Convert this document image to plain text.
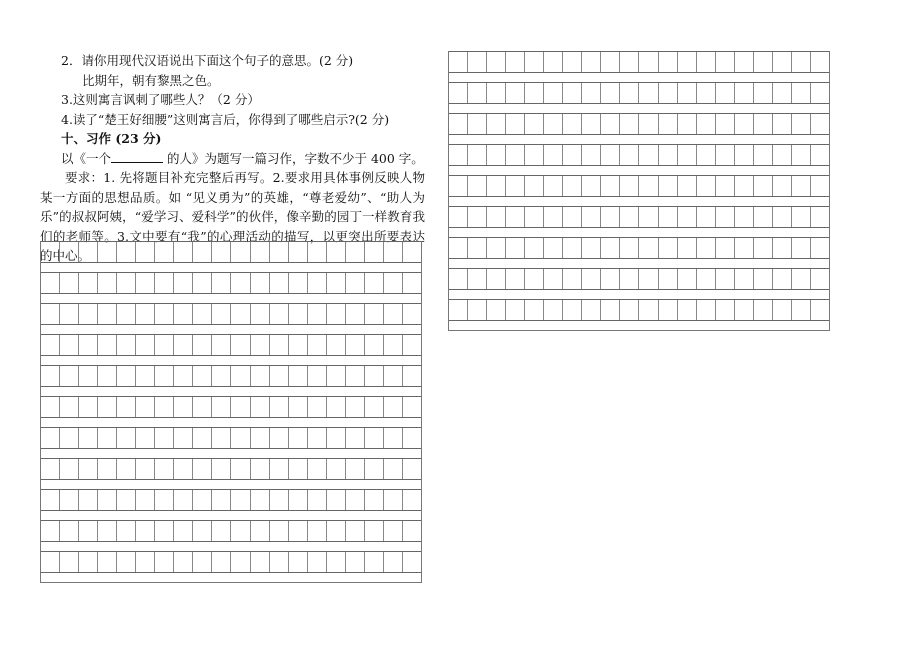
2．请你用现代汉语说出下面这个句子的意思。(2 分)

比期年，朝有黎黑之色。

3.这则寓言讽刺了哪些人？（2 分）

4.读了“楚王好细腰”这则寓言后，你得到了哪些启示?(2 分)

十、习作 (23 分)

以《一个	的人》为题写一篇习作，字数不少于 400 字。

要求：1. 先将题目补充完整后再写。2.要求用具体事例反映人物某一方面的思想品质。如 “见义勇为”的英雄，“尊老爱幼”、“助人为乐”的叔叔阿姨，“爱学习、爱科学”的伙伴，像辛勤的园丁一样教育我们的老师等。3.文中要有“我”的心理活动的描写，以更突出所要表达的中心。
